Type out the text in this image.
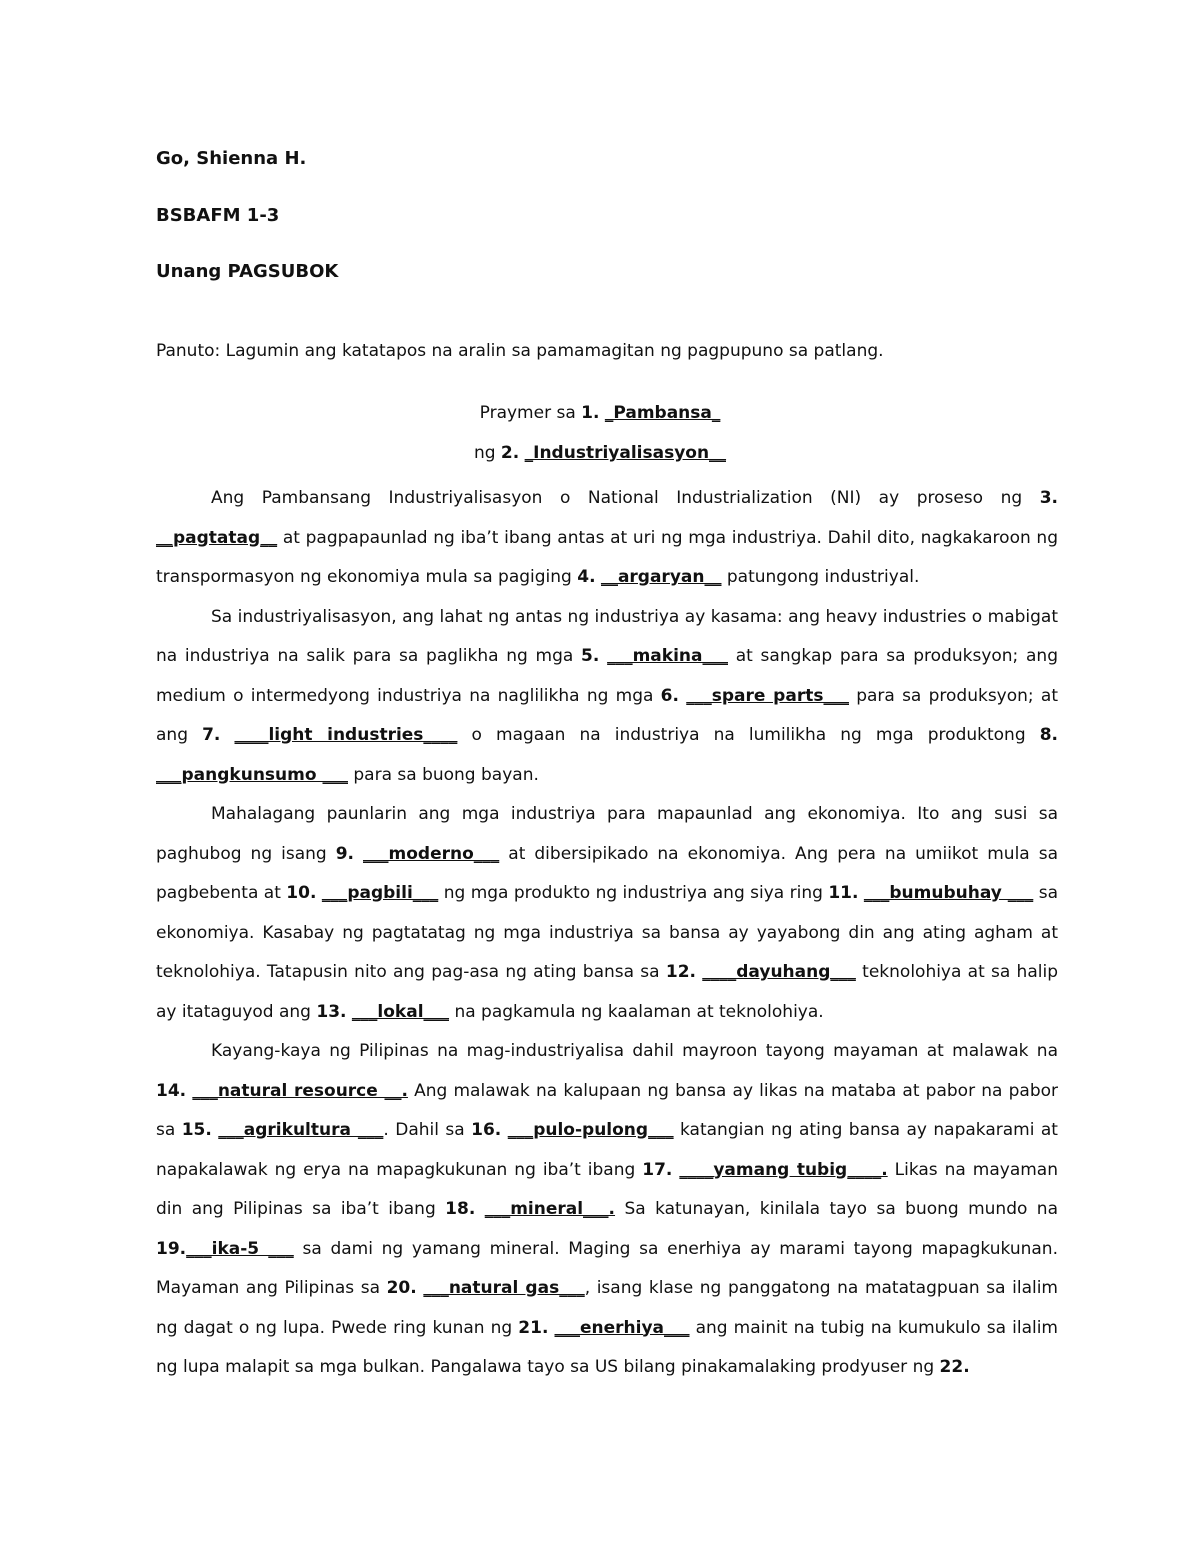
Go, Shienna H.

BSBAFM 1-3

Unang PAGSUBOK

Panuto: Lagumin ang katatapos na aralin sa pamamagitan ng pagpupuno sa patlang.

Praymer sa 1. _Pambansa_

ng 2. _Industriyalisasyon__

Ang Pambansang Industriyalisasyon o National Industrialization (NI) ay proseso ng 3. __pagtatag__ at pagpapaunlad ng iba’t ibang antas at uri ng mga industriya. Dahil dito, nagkakaroon ng transpormasyon ng ekonomiya mula sa pagiging 4. __argaryan__ patungong industriyal.

Sa industriyalisasyon, ang lahat ng antas ng industriya ay kasama: ang heavy industries o mabigat na industriya na salik para sa paglikha ng mga 5. ___makina___ at sangkap para sa produksyon; ang medium o intermedyong industriya na naglilikha ng mga 6. ___spare parts___ para sa produksyon; at ang 7. ____light industries____ o magaan na industriya na lumilikha ng mga produktong 8. ___pangkunsumo ___ para sa buong bayan.

Mahalagang paunlarin ang mga industriya para mapaunlad ang ekonomiya. Ito ang susi sa paghubog ng isang 9. ___moderno___ at dibersipikado na ekonomiya. Ang pera na umiikot mula sa pagbebenta at 10. ___pagbili___ ng mga produkto ng industriya ang siya ring 11. ___bumubuhay ___ sa ekonomiya. Kasabay ng pagtatatag ng mga industriya sa bansa ay yayabong din ang ating agham at teknolohiya. Tatapusin nito ang pag-asa ng ating bansa sa 12. ____dayuhang___ teknolohiya at sa halip ay itataguyod ang 13. ___lokal___ na pagkamula ng kaalaman at teknolohiya.

Kayang-kaya ng Pilipinas na mag-industriyalisa dahil mayroon tayong mayaman at malawak na 14. ___natural resource __. Ang malawak na kalupaan ng bansa ay likas na mataba at pabor na pabor sa 15. ___agrikultura ___. Dahil sa 16. ___pulo-pulong___ katangian ng ating bansa ay napakarami at napakalawak ng erya na mapagkukunan ng iba’t ibang 17. ____yamang tubig____. Likas na mayaman din ang Pilipinas sa iba’t ibang 18. ___mineral___. Sa katunayan, kinilala tayo sa buong mundo na 19.___ika-5 ___ sa dami ng yamang mineral. Maging sa enerhiya ay marami tayong mapagkukunan. Mayaman ang Pilipinas sa 20. ___natural gas___, isang klase ng panggatong na matatagpuan sa ilalim ng dagat o ng lupa. Pwede ring kunan ng 21. ___enerhiya___ ang mainit na tubig na kumukulo sa ilalim ng lupa malapit sa mga bulkan. Pangalawa tayo sa US bilang pinakamalaking prodyuser ng 22.
